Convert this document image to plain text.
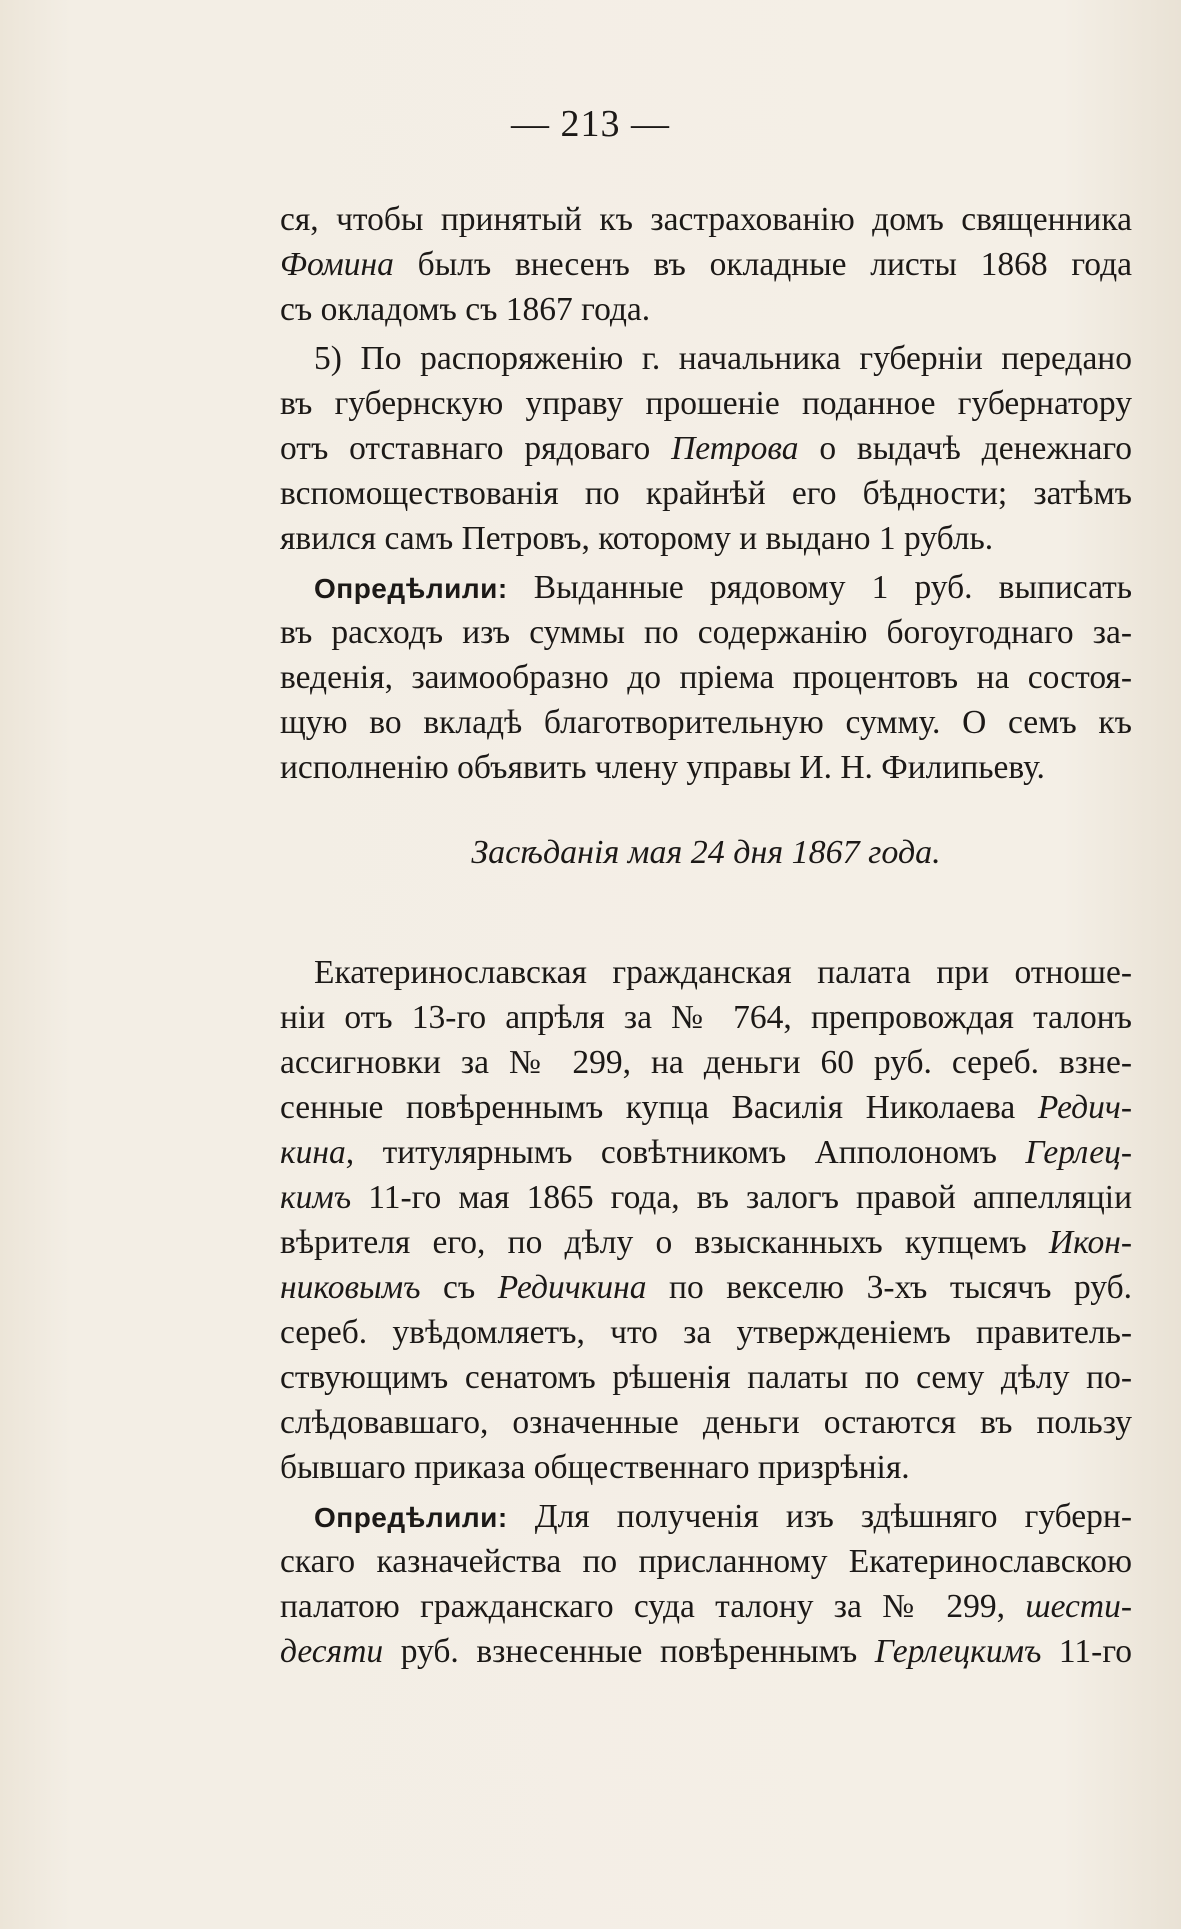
— 213 —
ся, чтобы принятый къ застрахованію домъ священника
Фомина былъ внесенъ въ окладные листы 1868 года
съ окладомъ съ 1867 года.
5) По распоряженію г. начальника губерніи передано
въ губернскую управу прошеніе поданное губернатору
отъ отставнаго рядоваго Петрова о выдачѣ денежнаго
вспомоществованія по крайнѣй его бѣдности; затѣмъ
явился самъ Петровъ, которому и выдано 1 рубль.
Опредѣлили: Выданные рядовому 1 руб. выписать
въ расходъ изъ суммы по содержанію богоугоднаго за-
веденія, заимообразно до пріема процентовъ на состоя-
щую во вкладѣ благотворительную сумму. О семъ къ
исполненію объявить члену управы И. Н. Филипьеву.
Засѣданія мая 24 дня 1867 года.
Екатеринославская гражданская палата при отноше-
ніи отъ 13-го апрѣля за № 764, препровождая талонъ
ассигновки за № 299, на деньги 60 руб. сереб. взне-
сенные повѣреннымъ купца Василія Николаева Редич-
кина, титулярнымъ совѣтникомъ Апполономъ Герлец-
кимъ 11-го мая 1865 года, въ залогъ правой аппелляціи
вѣрителя его, по дѣлу о взысканныхъ купцемъ Икон-
никовымъ съ Редичкина по векселю 3-хъ тысячъ руб.
сереб. увѣдомляетъ, что за утвержденіемъ правитель-
ствующимъ сенатомъ рѣшенія палаты по сему дѣлу по-
слѣдовавшаго, означенные деньги остаются въ пользу
бывшаго приказа общественнаго призрѣнія.
Опредѣлили: Для полученія изъ здѣшняго губерн-
скаго казначейства по присланному Екатеринославскою
палатою гражданскаго суда талону за № 299, шести-
десяти руб. взнесенные повѣреннымъ Герлецкимъ 11-го
